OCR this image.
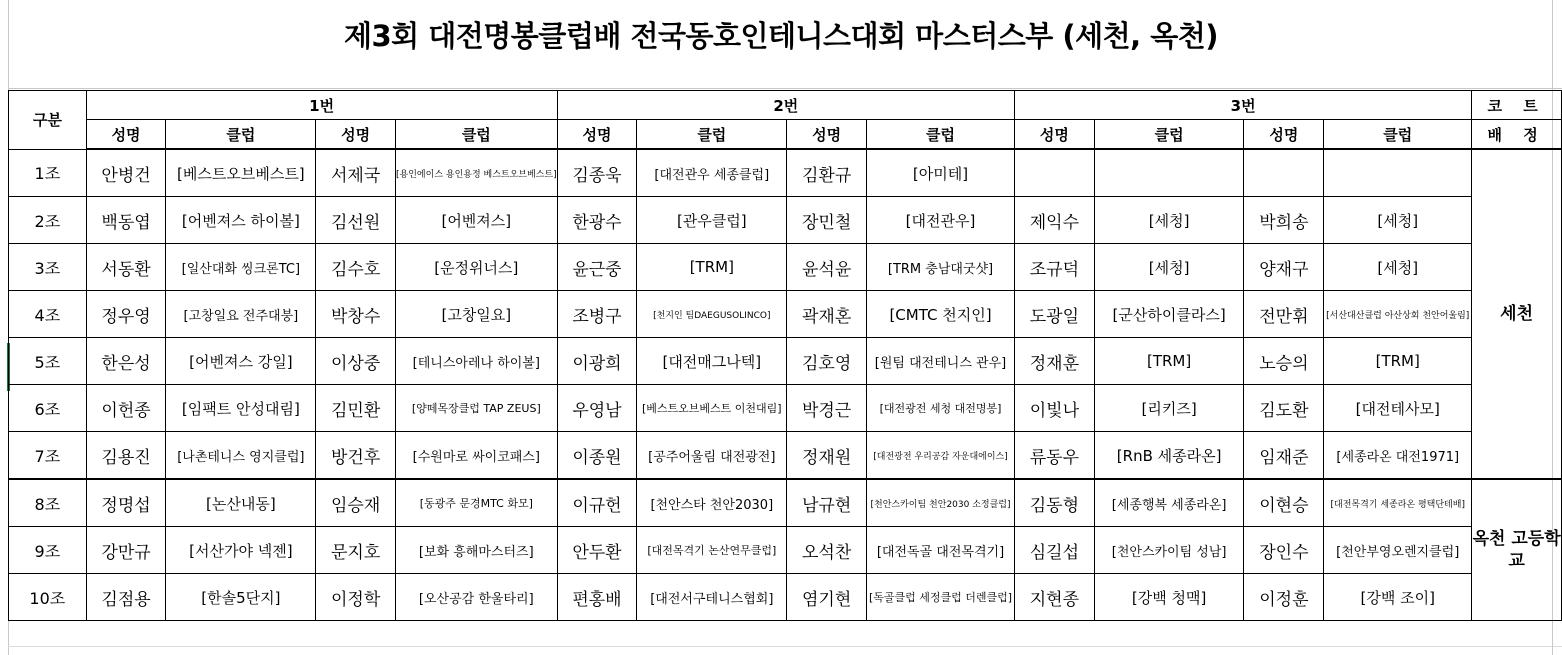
제3회 대전명봉클럽배 전국동호인테니스대회 마스터스부 (세천, 옥천)
구분	1번				2번				3번				코 트
	성명	클럽	성명	클럽	성명	클럽	성명	클럽	성명	클럽	성명	클럽	배 정
1조	안병건	[베스트오브베스트]	서제국	[용인에이스 용인용정 베스트오브베스트]	김종욱	[대전관우 세종클럽]	김환규	[아미테]					세천
2조	백동엽	[어벤져스 하이볼]	김선원	[어벤져스]	한광수	[관우클럽]	장민철	[대전관우]	제익수	[세청]	박희송	[세청]	
3조	서동환	[일산대화 씽크론TC]	김수호	[운정위너스]	윤근중	[TRM]	윤석윤	[TRM 충남대굿샷]	조규덕	[세청]	양재구	[세청]	
4조	정우영	[고창일요 전주대붕]	박창수	[고창일요]	조병구	[천지인 팀DAEGUSOLINCO]	곽재혼	[CMTC 천지인]	도광일	[군산하이클라스]	전만휘	[서산대산클럽 아산상회 천안어울림]	
5조	한은성	[어벤져스 강일]	이상중	[테니스아레나 하이볼]	이광희	[대전매그나텍]	김호영	[원팀 대전테니스 관우]	정재훈	[TRM]	노승의	[TRM]	
6조	이헌종	[임팩트 안성대림]	김민환	[양떼목장클럽 TAP ZEUS]	우영남	[베스트오브베스트 이천대림]	박경근	[대전광전 세청 대전명봉]	이빛나	[리키즈]	김도환	[대전테사모]	
7조	김용진	[나촌테니스 영지클럽]	방건후	[수원마로 싸이코패스]	이종원	[공주어울림 대전광전]	정재원	[대전광전 우리공감 자운대에이스]	류동우	[RnB 세종라온]	임재준	[세종라온 대전1971]	
8조	정명섭	[논산내동]	임승재	[동광주 문경MTC 화모]	이규헌	[천안스타 천안2030]	남규현	[천안스카이팀 천안2030 소정클럽]	김동형	[세종행복 세종라온]	이현승	[대전목격기 세종라온 평택단테배]	옥천 고등학교
9조	강만규	[서산가야 넥젠]	문지호	[보화 흥해마스터즈]	안두환	[대전목격기 논산연무클럽]	오석찬	[대전독골 대전목격기]	심길섭	[천안스카이팀 성남]	장인수	[천안부영오렌지클럽]	
10조	김점용	[한솔5단지]	이정학	[오산공감 한울타리]	편홍배	[대전서구테니스협회]	염기현	[독골클럽 세정클럽 더렌클럽]	지현종	[강백 청맥]	이정훈	[강백 조이]	
